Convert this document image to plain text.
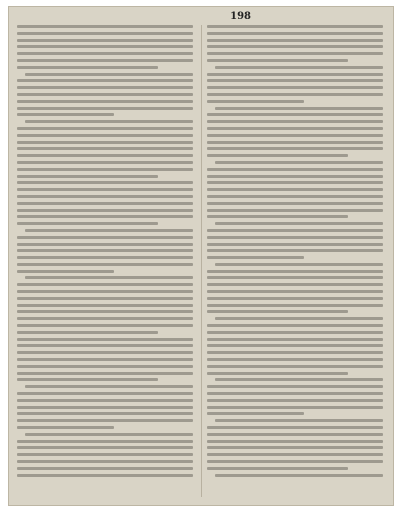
198
